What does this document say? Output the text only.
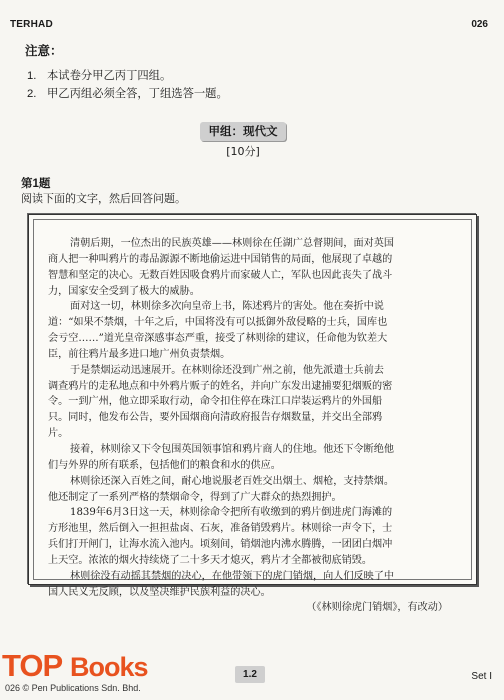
TERHAD	026
注意：
1. 本试卷分甲乙丙丁四组。
2. 甲乙丙组必须全答，丁组选答一题。
甲组：现代文
[10分]
第1题
阅读下面的文字，然后回答问题。

清朝后期，一位杰出的民族英雄——林则徐在任湖广总督期间，面对英国

商人把一种叫鸦片的毒品源源不断地偷运进中国销售的局面，他展现了卓越的

智慧和坚定的决心。无数百姓因吸食鸦片而家破人亡，军队也因此丧失了战斗

力，国家安全受到了极大的威胁。

面对这一切，林则徐多次向皇帝上书，陈述鸦片的害处。他在奏折中说

道：“如果不禁烟，十年之后，中国将没有可以抵御外敌侵略的士兵，国库也

会亏空……”道光皇帝深感事态严重，接受了林则徐的建议，任命他为钦差大

臣，前往鸦片最多进口地广州负责禁烟。

于是禁烟运动迅速展开。在林则徐还没到广州之前，他先派遣士兵前去

调查鸦片的走私地点和中外鸦片贩子的姓名，并向广东发出逮捕要犯烟贩的密

令。一到广州，他立即采取行动，命令扣住停在珠江口岸装运鸦片的外国船

只。同时，他发布公告，要外国烟商向清政府报告存烟数量，并交出全部鸦

片。

接着，林则徐又下令包围英国领事馆和鸦片商人的住地。他还下令断绝他

们与外界的所有联系，包括他们的粮食和水的供应。

林则徐还深入百姓之间，耐心地说服老百姓交出烟土、烟枪，支持禁烟。

他还制定了一系列严格的禁烟命令，得到了广大群众的热烈拥护。

1839年6月3日这一天，林则徐命令把所有收缴到的鸦片倒进虎门海滩的

方形池里，然后倒入一担担盐卤、石灰，准备销毁鸦片。林则徐一声令下，士

兵们打开闸门，让海水流入池内。顷刻间，销烟池内沸水腾腾，一团团白烟冲

上天空。浓浓的烟火持续烧了二十多天才熄灭，鸦片才全都被彻底销毁。

林则徐没有动摇其禁烟的决心，在他带领下的虎门销烟，向人们反映了中

国人民义无反顾，以及坚决维护民族利益的决心。

（《林则徐虎门销烟》，有改动）

TOP Books
026 © Pen Publications Sdn. Bhd.
1.2	Set I
